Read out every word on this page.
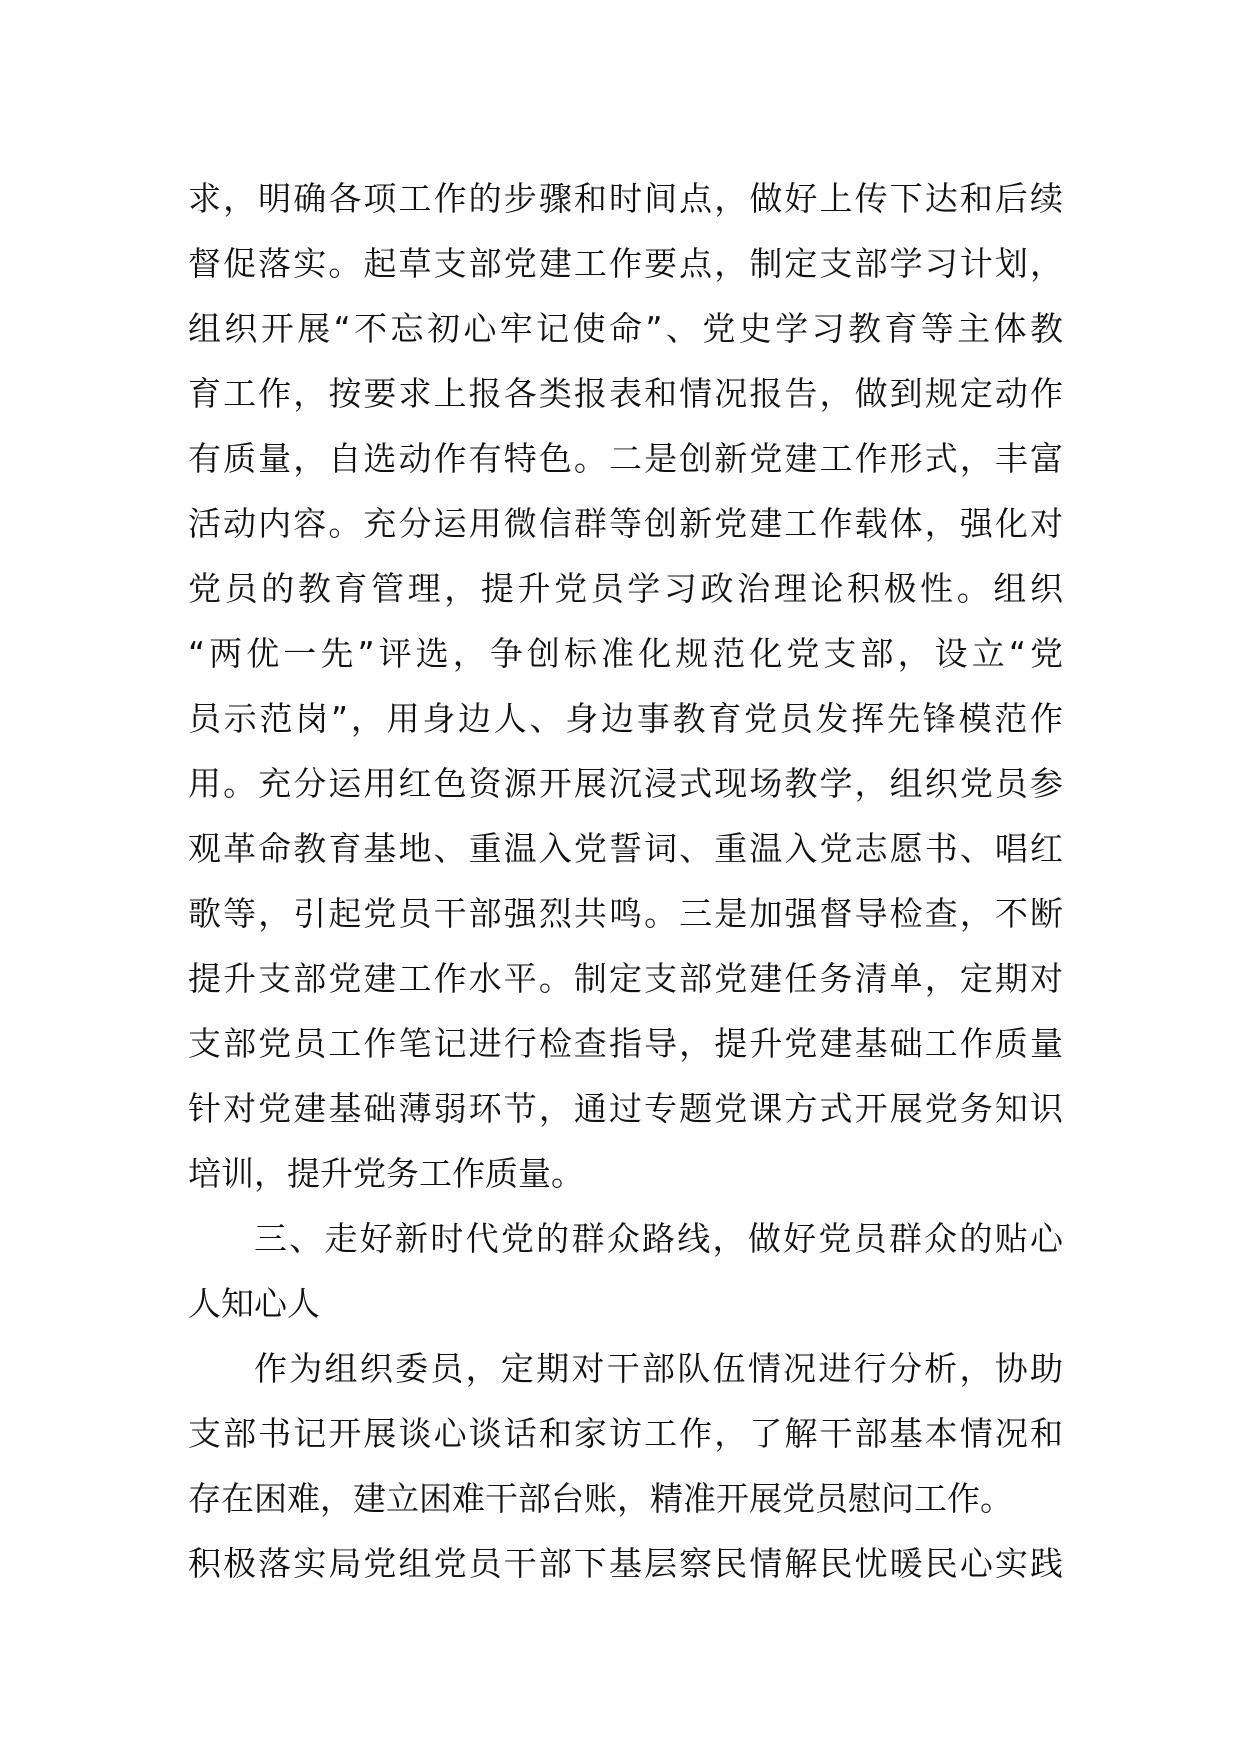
求，明确各项工作的步骤和时间点，做好上传下达和后续
督促落实。起草支部党建工作要点，制定支部学习计划，
组织开展“不忘初心牢记使命”、党史学习教育等主体教
育工作，按要求上报各类报表和情况报告，做到规定动作
有质量，自选动作有特色。二是创新党建工作形式，丰富
活动内容。充分运用微信群等创新党建工作载体，强化对
党员的教育管理，提升党员学习政治理论积极性。组织
“两优一先”评选，争创标准化规范化党支部，设立“党
员示范岗”，用身边人、身边事教育党员发挥先锋模范作
用。充分运用红色资源开展沉浸式现场教学，组织党员参
观革命教育基地、重温入党誓词、重温入党志愿书、唱红
歌等，引起党员干部强烈共鸣。三是加强督导检查，不断
提升支部党建工作水平。制定支部党建任务清单，定期对
支部党员工作笔记进行检查指导，提升党建基础工作质量
针对党建基础薄弱环节，通过专题党课方式开展党务知识
培训，提升党务工作质量。
三、走好新时代党的群众路线，做好党员群众的贴心
人知心人
作为组织委员，定期对干部队伍情况进行分析，协助
支部书记开展谈心谈话和家访工作，了解干部基本情况和
存在困难，建立困难干部台账，精准开展党员慰问工作。
积极落实局党组党员干部下基层察民情解民忧暖民心实践
